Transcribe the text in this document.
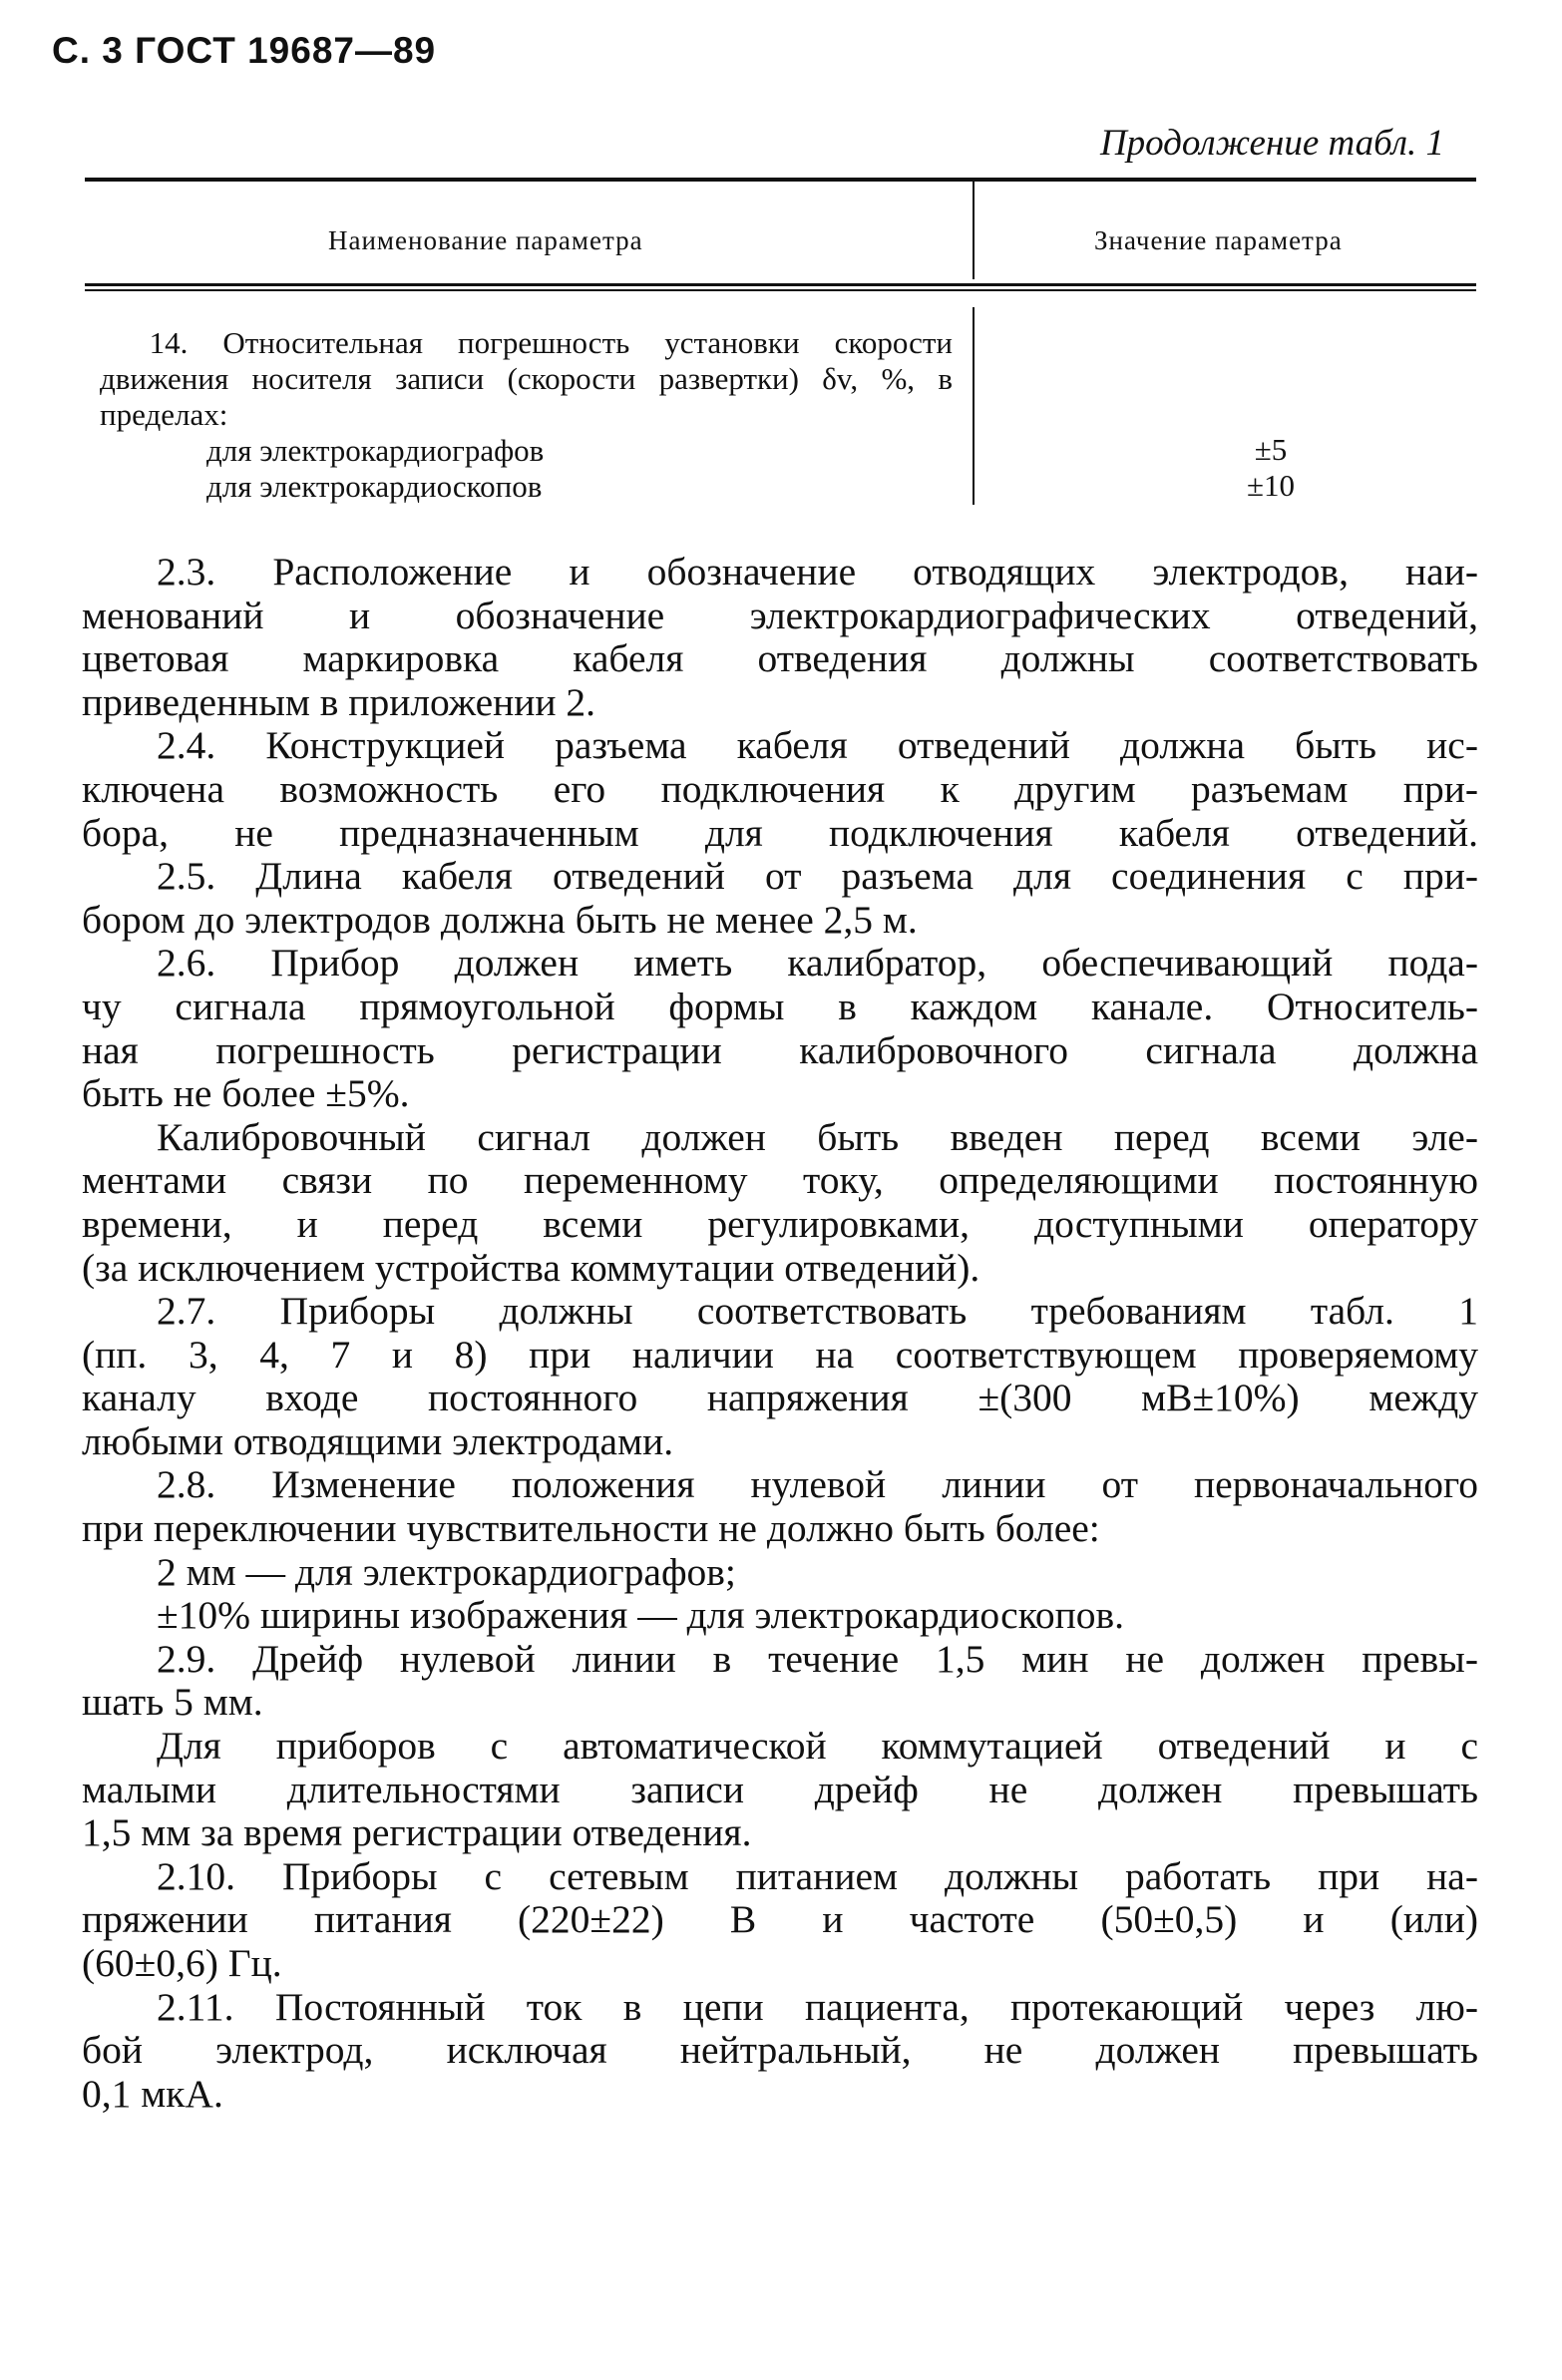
С. 3 ГОСТ 19687—89
Продолжение табл. 1
Наименование параметра	Значение параметра
14. Относительная погрешность установки скорости движения носителя записи (скорости развертки) δv, %, в пределах:
для электрокардиографов
для электрокардиоскопов
±5
±10

2.3. Расположение и обозначение отводящих электродов, наи-

менований и обозначение электрокардиографических отведений,

цветовая маркировка кабеля отведения должны соответствовать

приведенным в приложении 2.

2.4. Конструкцией разъема кабеля отведений должна быть ис-

ключена возможность его подключения к другим разъемам при-

бора, не предназначенным для подключения кабеля отведений.

2.5. Длина кабеля отведений от разъема для соединения с при-

бором до электродов должна быть не менее 2,5 м.

2.6. Прибор должен иметь калибратор, обеспечивающий пода-

чу сигнала прямоугольной формы в каждом канале. Относитель-

ная погрешность регистрации калибровочного сигнала должна

быть не более ±5%.

Калибровочный сигнал должен быть введен перед всеми эле-

ментами связи по переменному току, определяющими постоянную

времени, и перед всеми регулировками, доступными оператору

(за исключением устройства коммутации отведений).

2.7. Приборы должны соответствовать требованиям табл. 1

(пп. 3, 4, 7 и 8) при наличии на соответствующем проверяемому

каналу входе постоянного напряжения ±(300 мВ±10%) между

любыми отводящими электродами.

2.8. Изменение положения нулевой линии от первоначального

при переключении чувствительности не должно быть более:

2 мм — для электрокардиографов;

±10% ширины изображения — для электрокардиоскопов.

2.9. Дрейф нулевой линии в течение 1,5 мин не должен превы-

шать 5 мм.

Для приборов с автоматической коммутацией отведений и с

малыми длительностями записи дрейф не должен превышать

1,5 мм за время регистрации отведения.

2.10. Приборы с сетевым питанием должны работать при на-

пряжении питания (220±22) В и частоте (50±0,5) и (или)

(60±0,6) Гц.

2.11. Постоянный ток в цепи пациента, протекающий через лю-

бой электрод, исключая нейтральный, не должен превышать

0,1 мкА.
